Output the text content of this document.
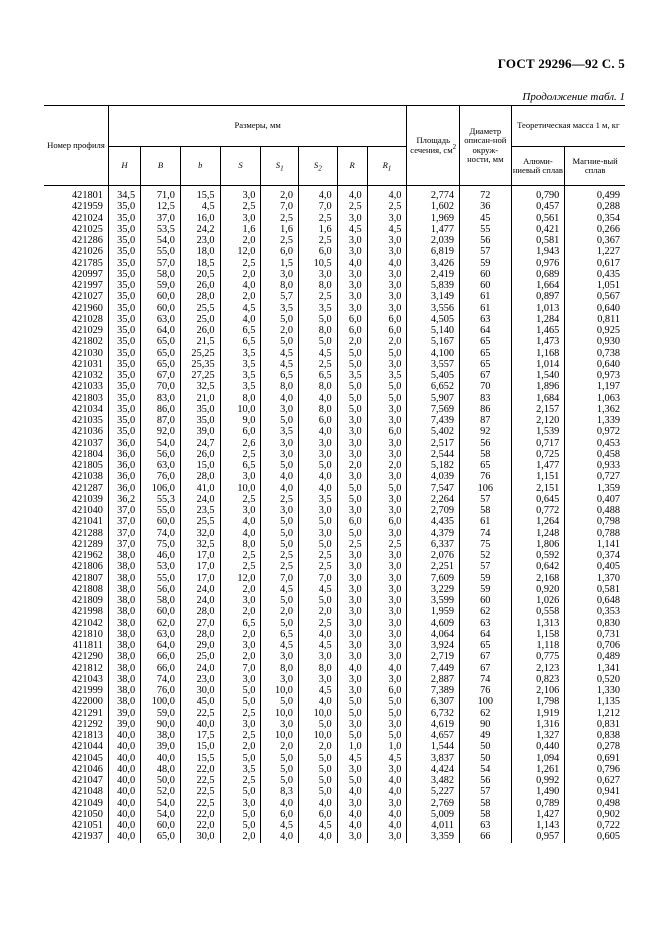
ГОСТ 29296—92 С. 5
Продолжение табл. 1
Номер профиля	Размеры, мм								Площадь сечения, $см^2$	Диаметр описан-ной окруж-ности, мм	Теоретическая масса 1 м, кг	
	H	B	b	S	$S_1$	$S_2$	R	$R_1$			Алюми-ниевый сплав	Магние-вый сплав
421801	34,5	71,0	15,5	3,0	2,0	4,0	4,0	4,0	2,774	72	0,790	0,499
421959	35,0	12,5	4,5	2,5	7,0	7,0	2,5	2,5	1,602	36	0,457	0,288
421024	35,0	37,0	16,0	3,0	2,5	2,5	3,0	3,0	1,969	45	0,561	0,354
421025	35,0	53,5	24,2	1,6	1,6	1,6	4,5	4,5	1,477	55	0,421	0,266
421286	35,0	54,0	23,0	2,0	2,5	2,5	3,0	3,0	2,039	56	0,581	0,367
421026	35,0	55,0	18,0	12,0	6,0	6,0	3,0	3,0	6,819	57	1,943	1,227
421785	35,0	57,0	18,5	2,5	1,5	10,5	4,0	4,0	3,426	59	0,976	0,617
420997	35,0	58,0	20,5	2,0	3,0	3,0	3,0	3,0	2,419	60	0,689	0,435
421997	35,0	59,0	26,0	4,0	8,0	8,0	3,0	3,0	5,839	60	1,664	1,051
421027	35,0	60,0	28,0	2,0	5,7	2,5	3,0	3,0	3,149	61	0,897	0,567
421960	35,0	60,0	25,5	4,5	3,5	3,5	3,0	3,0	3,556	61	1,013	0,640
421028	35,0	63,0	25,0	4,0	5,0	5,0	6,0	6,0	4,505	63	1,284	0,811
421029	35,0	64,0	26,0	6,5	2,0	8,0	6,0	6,0	5,140	64	1,465	0,925
421802	35,0	65,0	21,5	6,5	5,0	5,0	2,0	2,0	5,167	65	1,473	0,930
421030	35,0	65,0	25,25	3,5	4,5	4,5	5,0	5,0	4,100	65	1,168	0,738
421031	35,0	65,0	25,35	3,5	4,5	2,5	5,0	3,0	3,557	65	1,014	0,640
421032	35,0	67,0	27,25	3,5	6,5	6,5	3,5	3,5	5,405	67	1,540	0,973
421033	35,0	70,0	32,5	3,5	8,0	8,0	5,0	5,0	6,652	70	1,896	1,197
421803	35,0	83,0	21,0	8,0	4,0	4,0	5,0	5,0	5,907	83	1,684	1,063
421034	35,0	86,0	35,0	10,0	3,0	8,0	5,0	3,0	7,569	86	2,157	1,362
421035	35,0	87,0	35,0	9,0	5,0	6,0	3,0	3,0	7,439	87	2,120	1,339
421036	35,0	92,0	39,0	6,0	3,5	4,0	3,0	6,0	5,402	92	1,539	0,972
421037	36,0	54,0	24,7	2,6	3,0	3,0	3,0	3,0	2,517	56	0,717	0,453
421804	36,0	56,0	26,0	2,5	3,0	3,0	3,0	3,0	2,544	58	0,725	0,458
421805	36,0	63,0	15,0	6,5	5,0	5,0	2,0	2,0	5,182	65	1,477	0,933
421038	36,0	76,0	28,0	3,0	4,0	4,0	3,0	3,0	4,039	76	1,151	0,727
421287	36,0	106,0	41,0	10,0	4,0	4,0	5,0	5,0	7,547	106	2,151	1,359
421039	36,2	55,3	24,0	2,5	2,5	3,5	5,0	3,0	2,264	57	0,645	0,407
421040	37,0	55,0	23,5	3,0	3,0	3,0	3,0	3,0	2,709	58	0,772	0,488
421041	37,0	60,0	25,5	4,0	5,0	5,0	6,0	6,0	4,435	61	1,264	0,798
421288	37,0	74,0	32,0	4,0	5,0	3,0	5,0	3,0	4,379	74	1,248	0,788
421289	37,0	75,0	32,5	8,0	5,0	5,0	2,5	2,5	6,337	75	1,806	1,141
421962	38,0	46,0	17,0	2,5	2,5	2,5	3,0	3,0	2,076	52	0,592	0,374
421806	38,0	53,0	17,0	2,5	2,5	2,5	3,0	3,0	2,251	57	0,642	0,405
421807	38,0	55,0	17,0	12,0	7,0	7,0	3,0	3,0	7,609	59	2,168	1,370
421808	38,0	56,0	24,0	2,0	4,5	4,5	3,0	3,0	3,229	59	0,920	0,581
421809	38,0	58,0	24,0	3,0	5,0	5,0	3,0	3,0	3,599	60	1,026	0,648
421998	38,0	60,0	28,0	2,0	2,0	2,0	3,0	3,0	1,959	62	0,558	0,353
421042	38,0	62,0	27,0	6,5	5,0	2,5	3,0	3,0	4,609	63	1,313	0,830
421810	38,0	63,0	28,0	2,0	6,5	4,0	3,0	3,0	4,064	64	1,158	0,731
411811	38,0	64,0	29,0	3,0	4,5	4,5	3,0	3,0	3,924	65	1,118	0,706
421290	38,0	66,0	25,0	2,0	3,0	3,0	3,0	3,0	2,719	67	0,775	0,489
421812	38,0	66,0	24,0	7,0	8,0	8,0	4,0	4,0	7,449	67	2,123	1,341
421043	38,0	74,0	23,0	3,0	3,0	3,0	3,0	3,0	2,887	74	0,823	0,520
421999	38,0	76,0	30,0	5,0	10,0	4,5	3,0	6,0	7,389	76	2,106	1,330
422000	38,0	100,0	45,0	5,0	5,0	4,0	5,0	5,0	6,307	100	1,798	1,135
421291	39,0	59,0	22,5	2,5	10,0	10,0	5,0	5,0	6,732	62	1,919	1,212
421292	39,0	90,0	40,0	3,0	3,0	5,0	3,0	3,0	4,619	90	1,316	0,831
421813	40,0	38,0	17,5	2,5	10,0	10,0	5,0	5,0	4,657	49	1,327	0,838
421044	40,0	39,0	15,0	2,0	2,0	2,0	1,0	1,0	1,544	50	0,440	0,278
421045	40,0	40,0	15,5	5,0	5,0	5,0	4,5	4,5	3,837	50	1,094	0,691
421046	40,0	48,0	22,0	3,5	5,0	5,0	3,0	3,0	4,424	54	1,261	0,796
421047	40,0	50,0	22,5	2,5	5,0	5,0	5,0	4,0	3,482	56	0,992	0,627
421048	40,0	52,0	22,5	5,0	8,3	5,0	4,0	4,0	5,227	57	1,490	0,941
421049	40,0	54,0	22,5	3,0	4,0	4,0	3,0	3,0	2,769	58	0,789	0,498
421050	40,0	54,0	22,0	5,0	6,0	6,0	4,0	4,0	5,009	58	1,427	0,902
421051	40,0	60,0	22,0	5,0	4,5	4,5	4,0	4,0	4,011	63	1,143	0,722
421937	40,0	65,0	30,0	2,0	4,0	4,0	3,0	3,0	3,359	66	0,957	0,605
